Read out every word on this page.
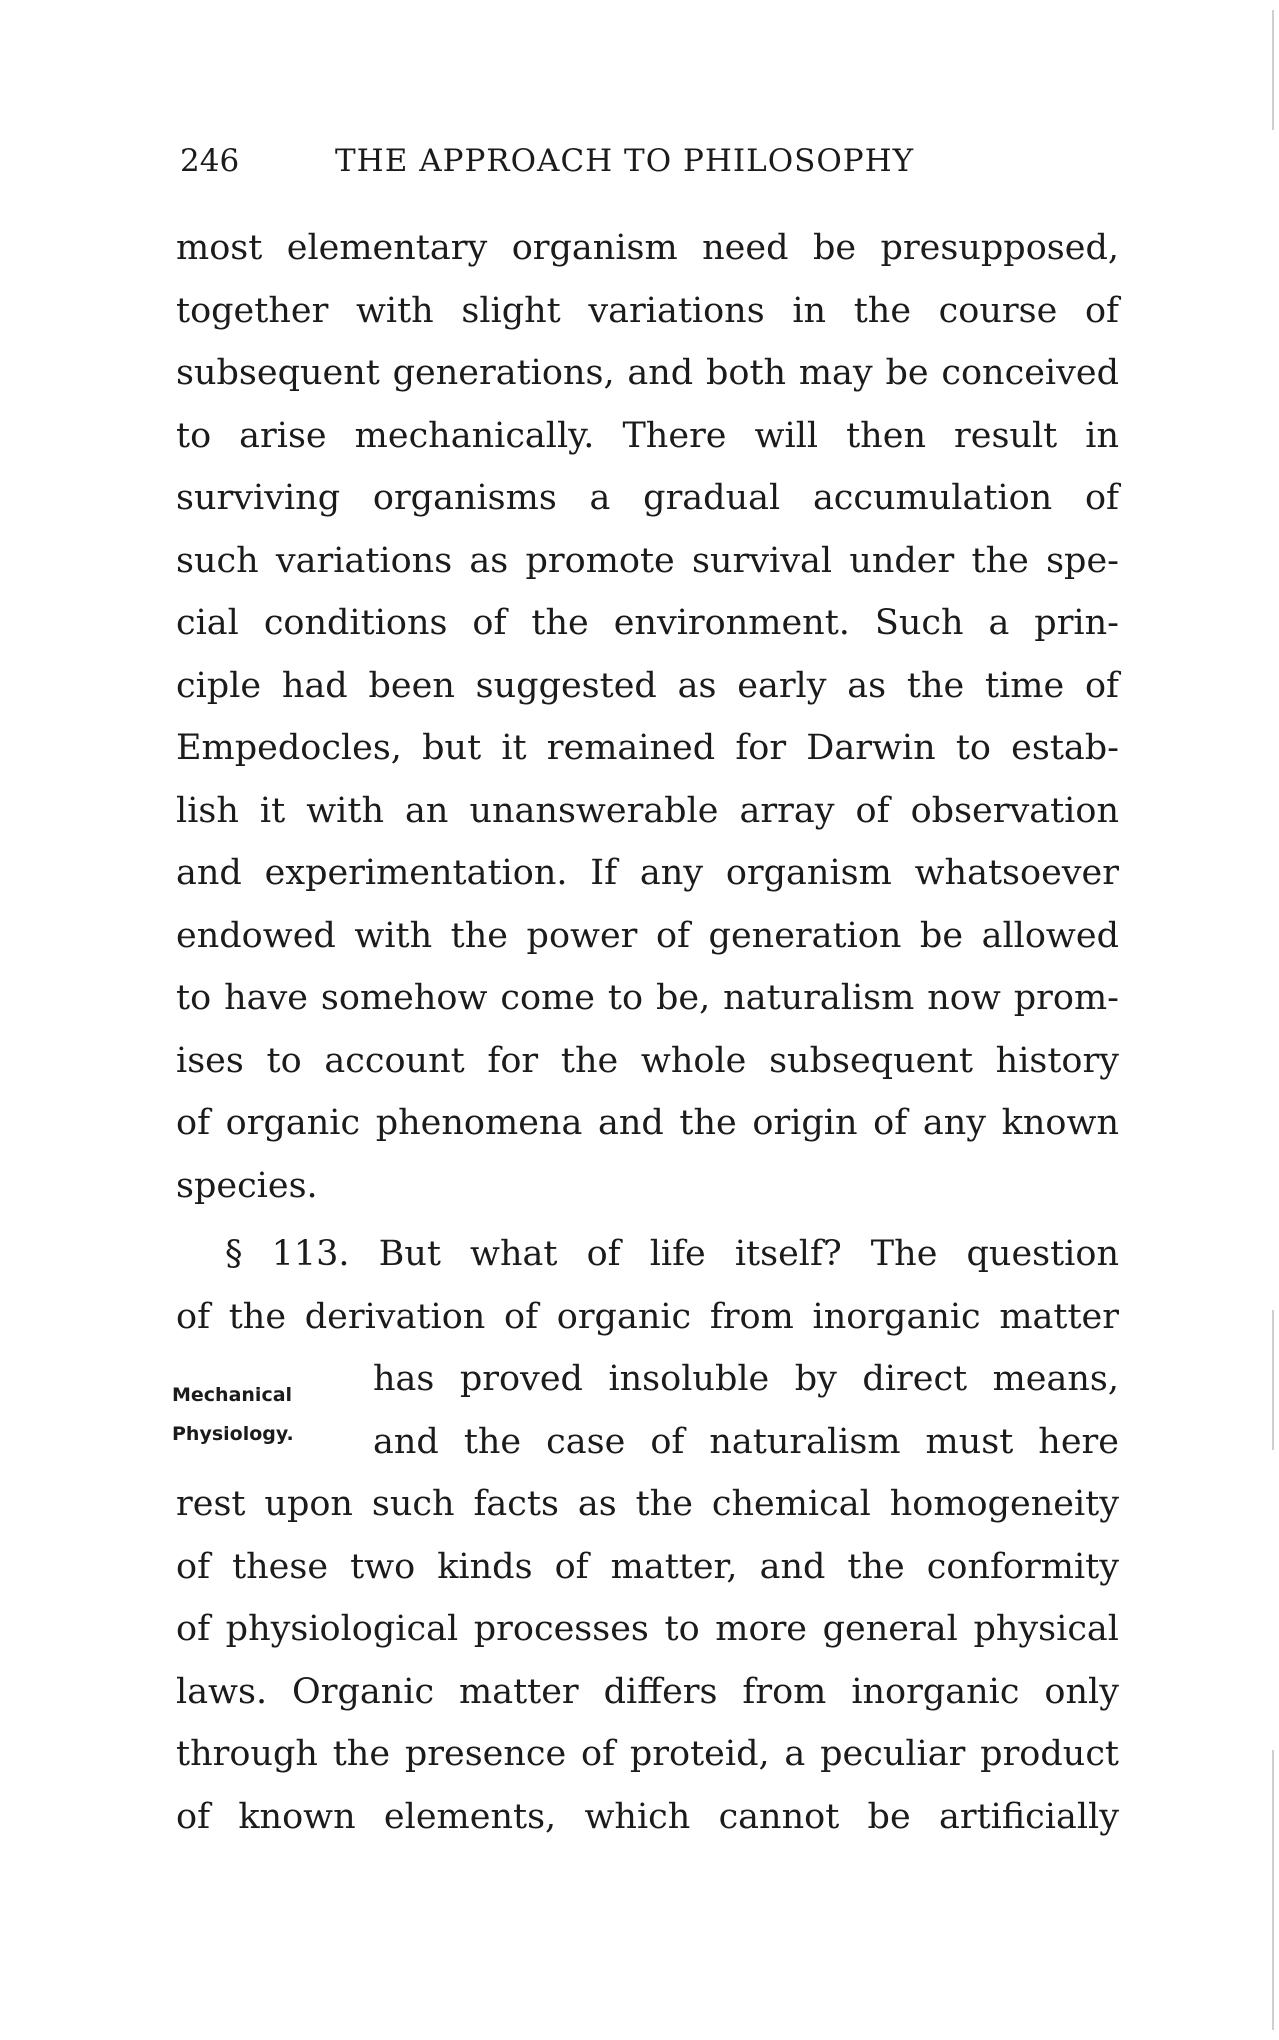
246	THE APPROACH TO PHILOSOPHY
most elementary organism need be presupposed,
together with slight variations in the course of
subsequent generations, and both may be conceived
to arise mechanically. There will then result in
surviving organisms a gradual accumulation of
such variations as promote survival under the spe-
cial conditions of the environment. Such a prin-
ciple had been suggested as early as the time of
Empedocles, but it remained for Darwin to estab-
lish it with an unanswerable array of observation
and experimentation. If any organism whatsoever
endowed with the power of generation be allowed
to have somehow come to be, naturalism now prom-
ises to account for the whole subsequent history
of organic phenomena and the origin of any known
species.
§ 113. But what of life itself? The question
of the derivation of organic from inorganic matter
has proved insoluble by direct means,
and the case of naturalism must here
rest upon such facts as the chemical homogeneity
of these two kinds of matter, and the conformity
of physiological processes to more general physical
laws. Organic matter differs from inorganic only
through the presence of proteid, a peculiar product
of known elements, which cannot be artificially
Mechanical
Physiology.
